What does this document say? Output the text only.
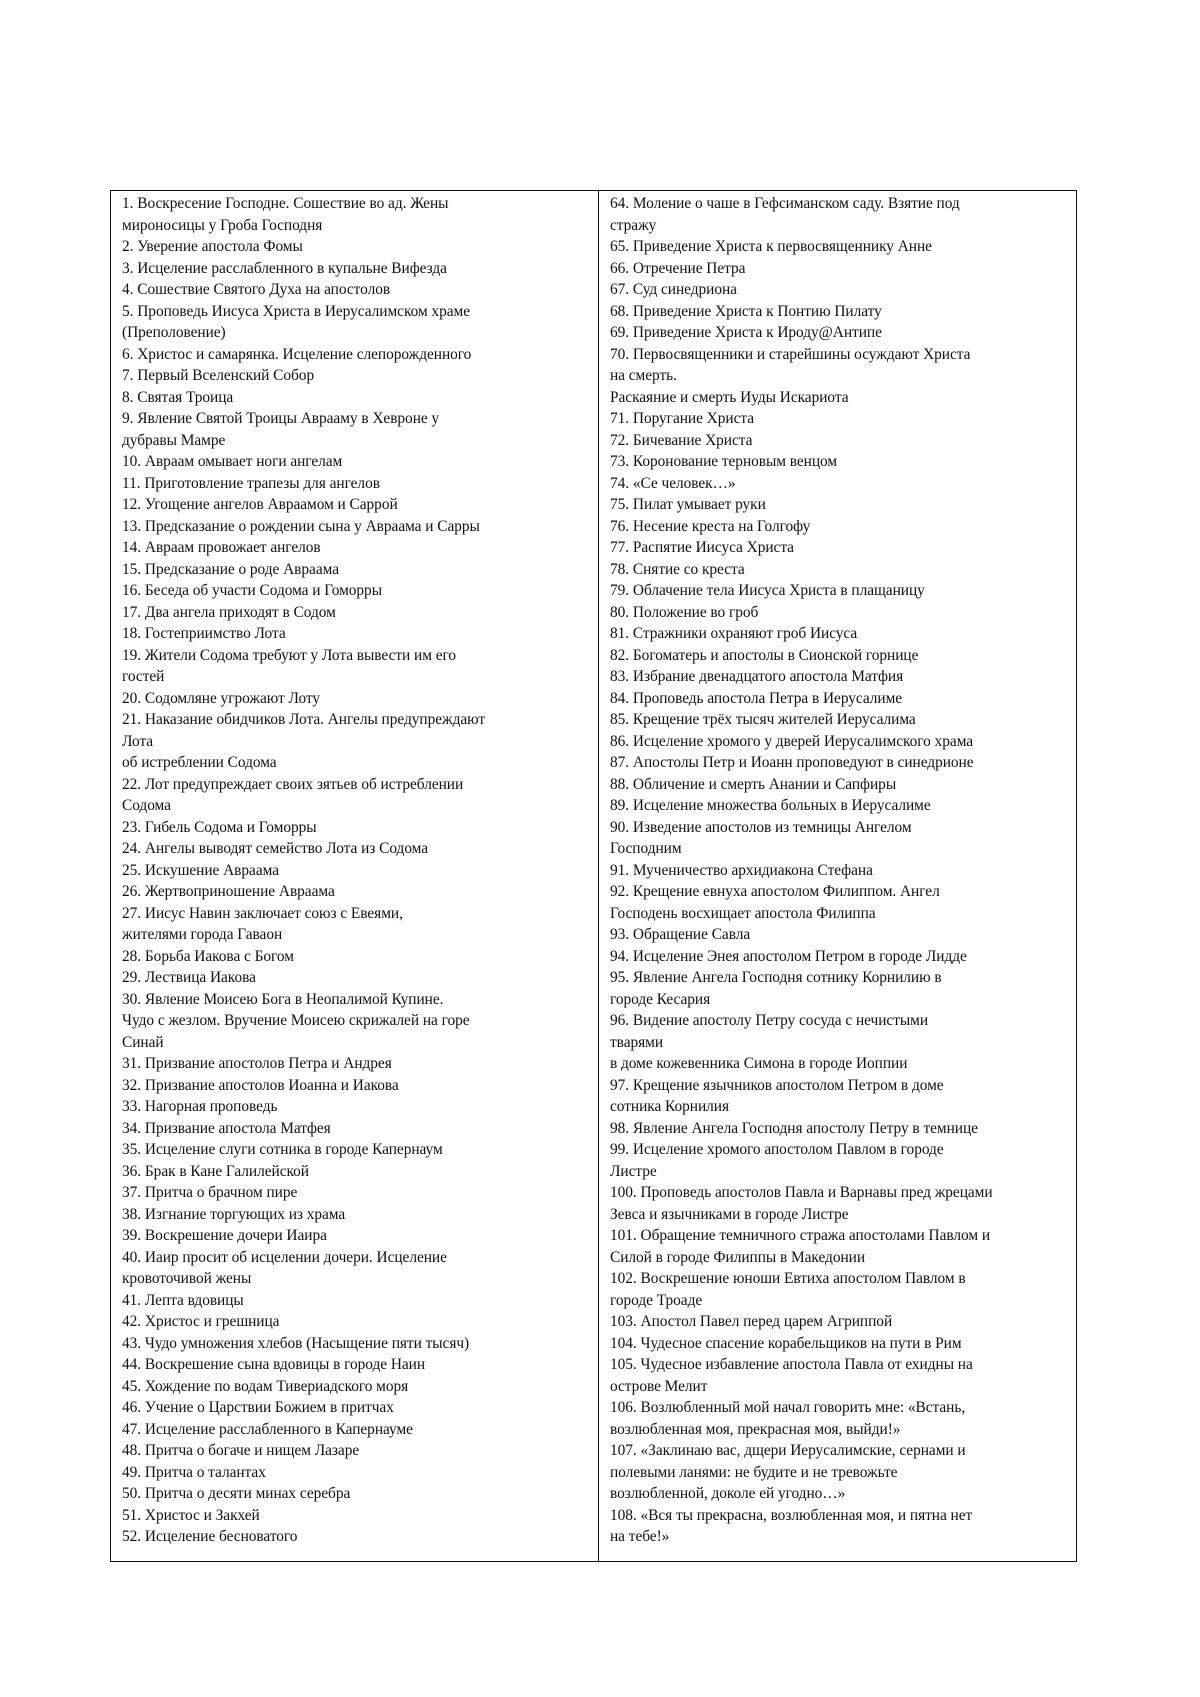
1. Воскресение Господне. Сошествие во ад. Жены
мироносицы у Гроба Господня
2. Уверение апостола Фомы
3. Исцеление расслабленного в купальне Вифезда
4. Сошествие Святого Духа на апостолов
5. Проповедь Иисуса Христа в Иерусалимском храме
(Преполовение)
6. Христос и самарянка. Исцеление слепорожденного
7. Первый Вселенский Собор
8. Святая Троица
9. Явление Святой Троицы Аврааму в Хевроне у
дубравы Мамре
10. Авраам омывает ноги ангелам
11. Приготовление трапезы для ангелов
12. Угощение ангелов Авраамом и Саррой
13. Предсказание о рождении сына у Авраама и Сарры
14. Авраам провожает ангелов
15. Предсказание о роде Авраама
16. Беседа об участи Содома и Гоморры
17. Два ангела приходят в Содом
18. Гостеприимство Лота
19. Жители Содома требуют у Лота вывести им его
гостей
20. Содомляне угрожают Лоту
21. Наказание обидчиков Лота. Ангелы предупреждают
Лота
об истреблении Содома
22. Лот предупреждает своих зятьев об истреблении
Содома
23. Гибель Содома и Гоморры
24. Ангелы выводят семейство Лота из Содома
25. Искушение Авраама
26. Жертвоприношение Авраама
27. Иисус Навин заключает союз с Евеями,
жителями города Гаваон
28. Борьба Иакова с Богом
29. Лествица Иакова
30. Явление Моисею Бога в Неопалимой Купине.
Чудо с жезлом. Вручение Моисею скрижалей на горе
Синай
31. Призвание апостолов Петра и Андрея
32. Призвание апостолов Иоанна и Иакова
33. Нагорная проповедь
34. Призвание апостола Матфея
35. Исцеление слуги сотника в городе Капернаум
36. Брак в Кане Галилейской
37. Притча о брачном пире
38. Изгнание торгующих из храма
39. Воскрешение дочери Иаира
40. Иаир просит об исцелении дочери. Исцеление
кровоточивой жены
41. Лепта вдовицы
42. Христос и грешница
43. Чудо умножения хлебов (Насыщение пяти тысяч)
44. Воскрешение сына вдовицы в городе Наин
45. Хождение по водам Тивериадского моря
46. Учение о Царствии Божием в притчах
47. Исцеление расслабленного в Капернауме
48. Притча о богаче и нищем Лазаре
49. Притча о талантах
50. Притча о десяти минах серебра
51. Христос и Закхей
52. Исцеление бесноватого
64. Моление о чаше в Гефсиманском саду. Взятие под
стражу
65. Приведение Христа к первосвященнику Анне
66. Отречение Петра
67. Суд синедриона
68. Приведение Христа к Понтию Пилату
69. Приведение Христа к Ироду@Антипе
70. Первосвященники и старейшины осуждают Христа
на смерть.
Раскаяние и смерть Иуды Искариота
71. Поругание Христа
72. Бичевание Христа
73. Коронование терновым венцом
74. «Се человек…»
75. Пилат умывает руки
76. Несение креста на Голгофу
77. Распятие Иисуса Христа
78. Снятие со креста
79. Облачение тела Иисуса Христа в плащаницу
80. Положение во гроб
81. Стражники охраняют гроб Иисуса
82. Богоматерь и апостолы в Сионской горнице
83. Избрание двенадцатого апостола Матфия
84. Проповедь апостола Петра в Иерусалиме
85. Крещение трёх тысяч жителей Иерусалима
86. Исцеление хромого у дверей Иерусалимского храма
87. Апостолы Петр и Иоанн проповедуют в синедрионе
88. Обличение и смерть Анании и Сапфиры
89. Исцеление множества больных в Иерусалиме
90. Изведение апостолов из темницы Ангелом
Господним
91. Мученичество архидиакона Стефана
92. Крещение евнуха апостолом Филиппом. Ангел
Господень восхищает апостола Филиппа
93. Обращение Савла
94. Исцеление Энея апостолом Петром в городе Лидде
95. Явление Ангела Господня сотнику Корнилию в
городе Кесария
96. Видение апостолу Петру сосуда с нечистыми
тварями
в доме кожевенника Симона в городе Иоппии
97. Крещение язычников апостолом Петром в доме
сотника Корнилия
98. Явление Ангела Господня апостолу Петру в темнице
99. Исцеление хромого апостолом Павлом в городе
Листре
100. Проповедь апостолов Павла и Варнавы пред жрецами
Зевса и язычниками в городе Листре
101. Обращение темничного стража апостолами Павлом и
Силой в городе Филиппы в Македонии
102. Воскрешение юноши Евтиха апостолом Павлом в
городе Троаде
103. Апостол Павел перед царем Агриппой
104. Чудесное спасение корабельщиков на пути в Рим
105. Чудесное избавление апостола Павла от ехидны на
острове Мелит
106. Возлюбленный мой начал говорить мне: «Встань,
возлюбленная моя, прекрасная моя, выйди!»
107. «Заклинаю вас, дщери Иерусалимские, сернами и
полевыми ланями: не будите и не тревожьте
возлюбленной, доколе ей угодно…»
108. «Вся ты прекрасна, возлюбленная моя, и пятна нет
на тебе!»
